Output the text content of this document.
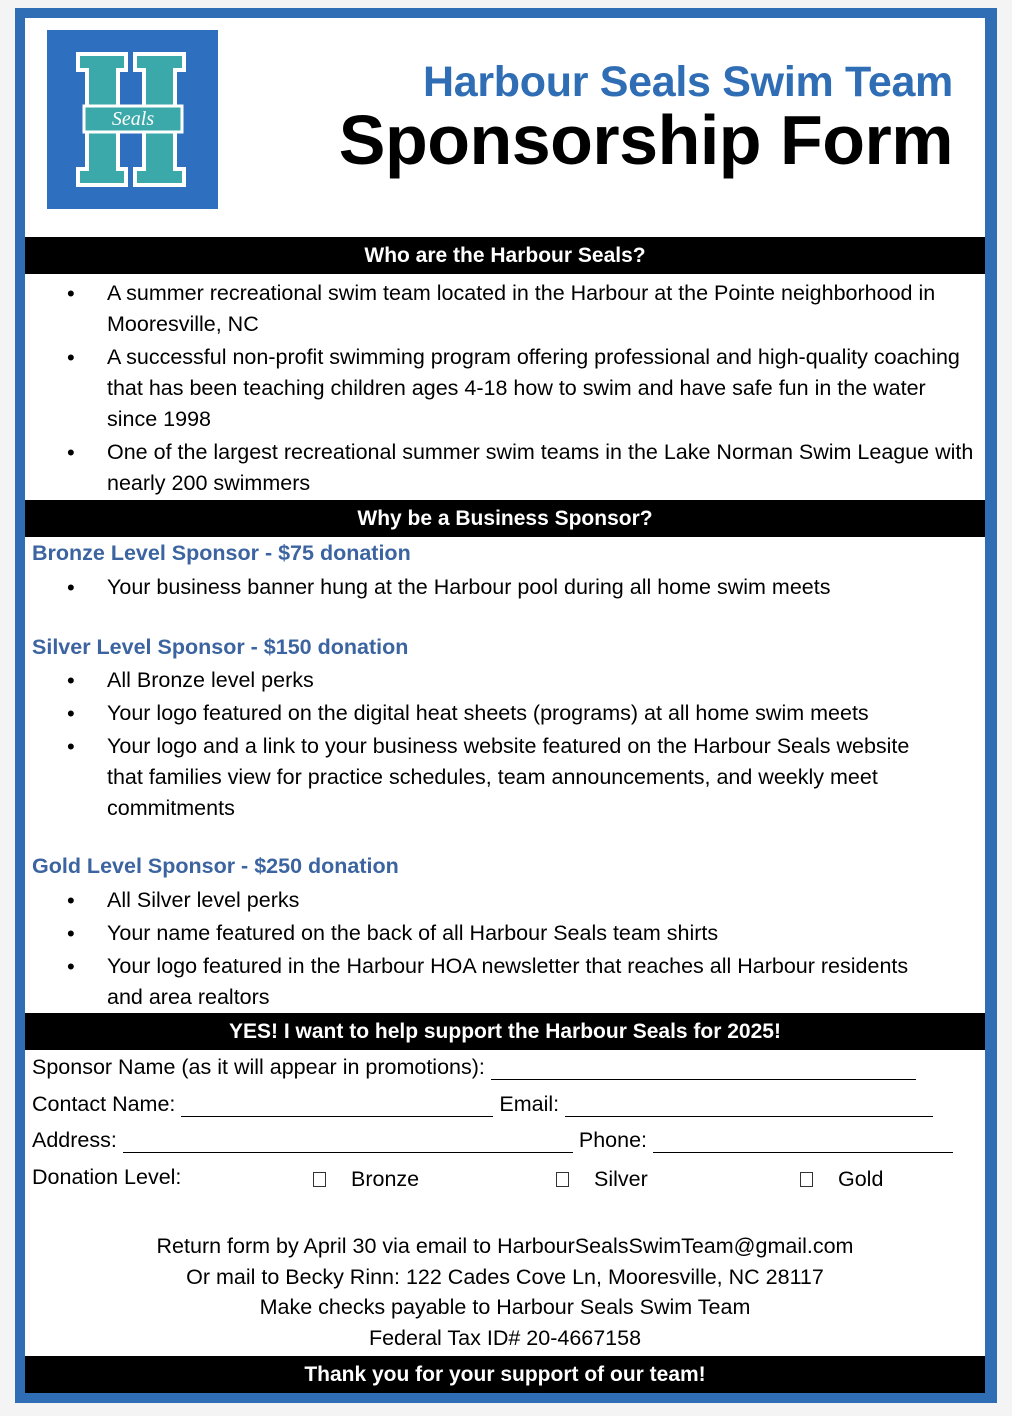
Seals
Harbour Seals Swim Team
Sponsorship Form
Who are the Harbour Seals?
• A summer recreational swim team located in the Harbour at the Pointe neighborhood in Mooresville, NC
• A successful non-profit swimming program offering professional and high-quality coaching that has been teaching children ages 4-18 how to swim and have safe fun in the water since 1998
• One of the largest recreational summer swim teams in the Lake Norman Swim League with nearly 200 swimmers
Why be a Business Sponsor?
Bronze Level Sponsor - $75 donation
• Your business banner hung at the Harbour pool during all home swim meets
Silver Level Sponsor - $150 donation
• All Bronze level perks
• Your logo featured on the digital heat sheets (programs) at all home swim meets
• Your logo and a link to your business website featured on the Harbour Seals website that families view for practice schedules, team announcements, and weekly meet commitments
Gold Level Sponsor - $250 donation
• All Silver level perks
• Your name featured on the back of all Harbour Seals team shirts
• Your logo featured in the Harbour HOA newsletter that reaches all Harbour residents and area realtors
YES! I want to help support the Harbour Seals for 2025!
Sponsor Name (as it will appear in promotions):
Contact Name:	Email:
Address:	Phone:
Donation Level:	Bronze	Silver	Gold
Return form by April 30 via email to HarbourSealsSwimTeam@gmail.com
Or mail to Becky Rinn: 122 Cades Cove Ln, Mooresville, NC 28117
Make checks payable to Harbour Seals Swim Team
Federal Tax ID# 20-4667158
Thank you for your support of our team!
